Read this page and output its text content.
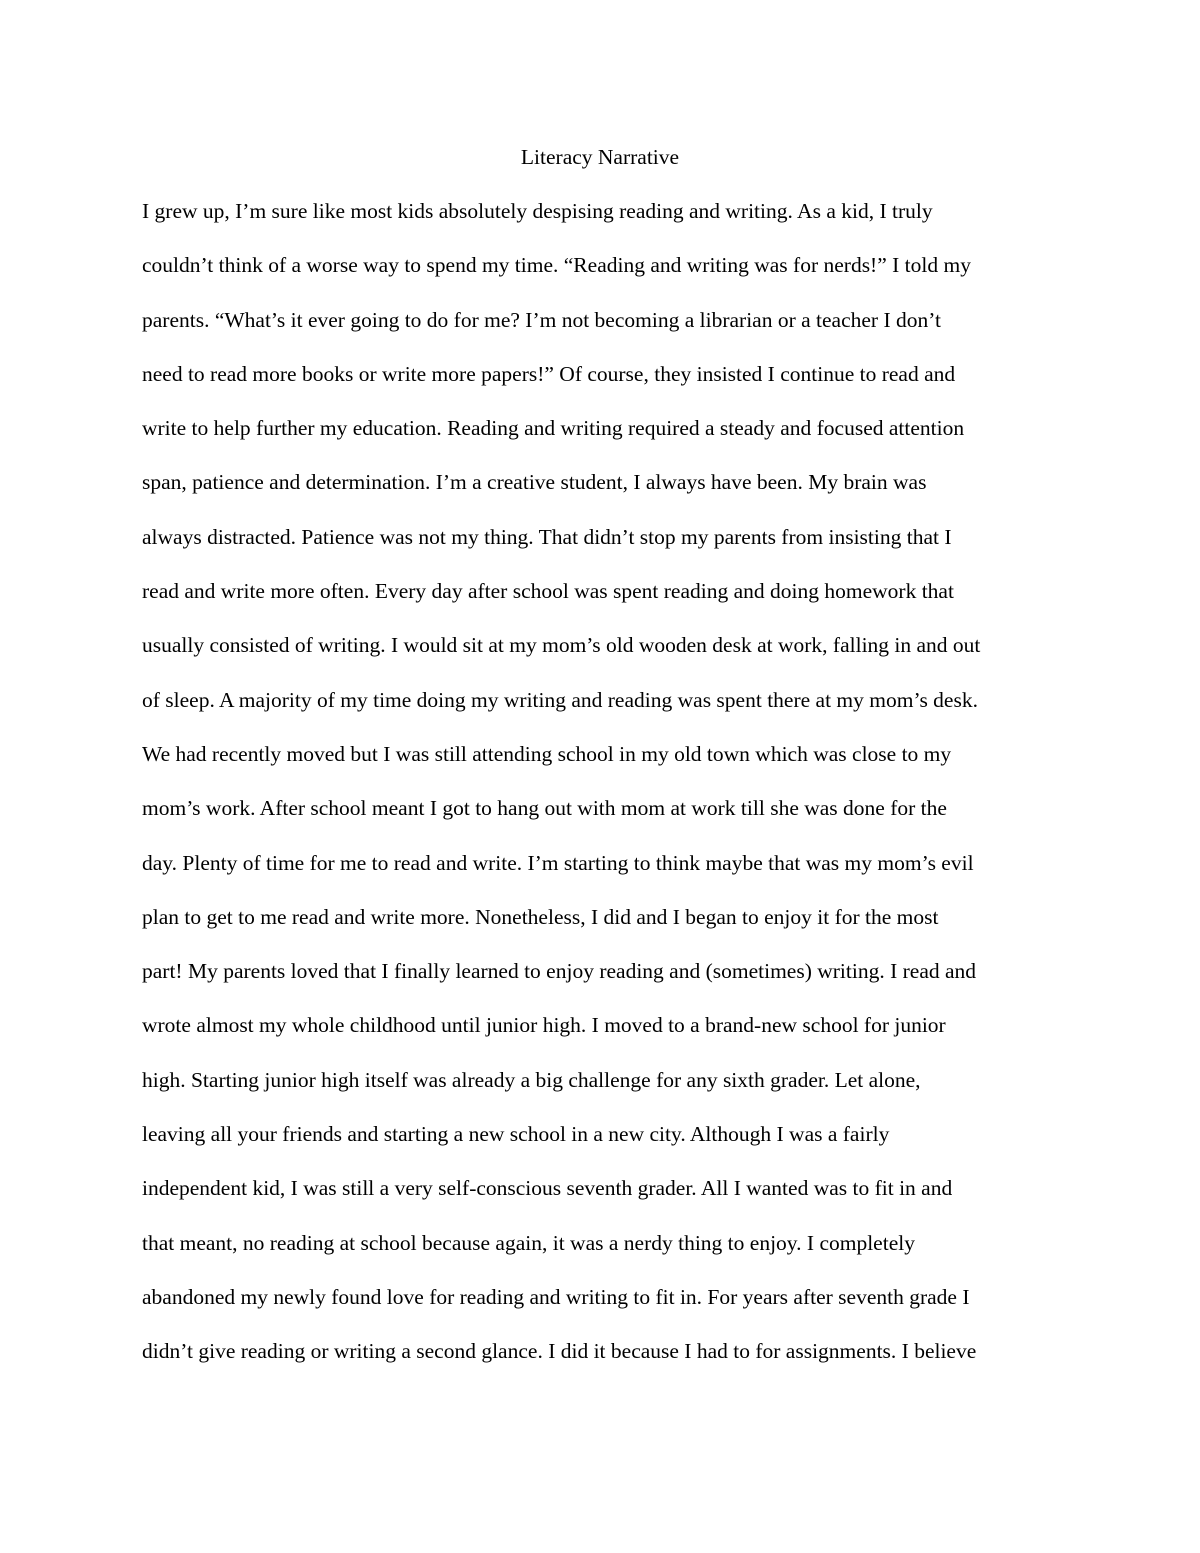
Literacy Narrative
I grew up, I’m sure like most kids absolutely despising reading and writing. As a kid, I truly
couldn’t think of a worse way to spend my time. “Reading and writing was for nerds!” I told my
parents. “What’s it ever going to do for me? I’m not becoming a librarian or a teacher I don’t
need to read more books or write more papers!” Of course, they insisted I continue to read and
write to help further my education. Reading and writing required a steady and focused attention
span, patience and determination. I’m a creative student, I always have been. My brain was
always distracted. Patience was not my thing. That didn’t stop my parents from insisting that I
read and write more often. Every day after school was spent reading and doing homework that
usually consisted of writing. I would sit at my mom’s old wooden desk at work, falling in and out
of sleep. A majority of my time doing my writing and reading was spent there at my mom’s desk.
We had recently moved but I was still attending school in my old town which was close to my
mom’s work. After school meant I got to hang out with mom at work till she was done for the
day. Plenty of time for me to read and write. I’m starting to think maybe that was my mom’s evil
plan to get to me read and write more. Nonetheless, I did and I began to enjoy it for the most
part! My parents loved that I finally learned to enjoy reading and (sometimes) writing. I read and
wrote almost my whole childhood until junior high. I moved to a brand-new school for junior
high. Starting junior high itself was already a big challenge for any sixth grader. Let alone,
leaving all your friends and starting a new school in a new city. Although I was a fairly
independent kid, I was still a very self-conscious seventh grader. All I wanted was to fit in and
that meant, no reading at school because again, it was a nerdy thing to enjoy. I completely
abandoned my newly found love for reading and writing to fit in. For years after seventh grade I
didn’t give reading or writing a second glance. I did it because I had to for assignments. I believe
